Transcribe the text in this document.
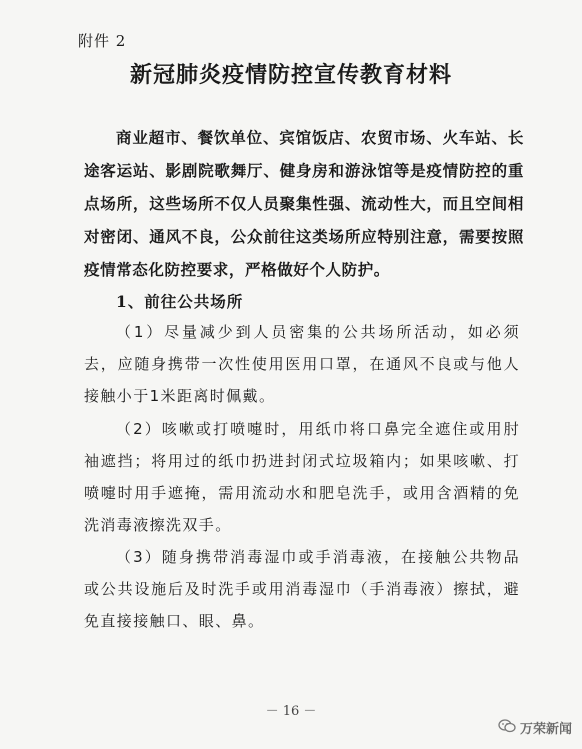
附件 2
新冠肺炎疫情防控宣传教育材料
商业超市、餐饮单位、宾馆饭店、农贸市场、火车站、长途客运站、影剧院歌舞厅、健身房和游泳馆等是疫情防控的重点场所，这些场所不仅人员聚集性强、流动性大，而且空间相对密闭、通风不良，公众前往这类场所应特别注意，需要按照疫情常态化防控要求，严格做好个人防护。
1、前往公共场所
（1）尽量减少到人员密集的公共场所活动，如必须去，应随身携带一次性使用医用口罩，在通风不良或与他人接触小于1米距离时佩戴。
（2）咳嗽或打喷嚏时，用纸巾将口鼻完全遮住或用肘袖遮挡；将用过的纸巾扔进封闭式垃圾箱内；如果咳嗽、打喷嚏时用手遮掩，需用流动水和肥皂洗手，或用含酒精的免洗消毒液擦洗双手。
（3）随身携带消毒湿巾或手消毒液，在接触公共物品或公共设施后及时洗手或用消毒湿巾（手消毒液）擦拭，避免直接接触口、眼、鼻。
－ 16 －
万荣新闻
